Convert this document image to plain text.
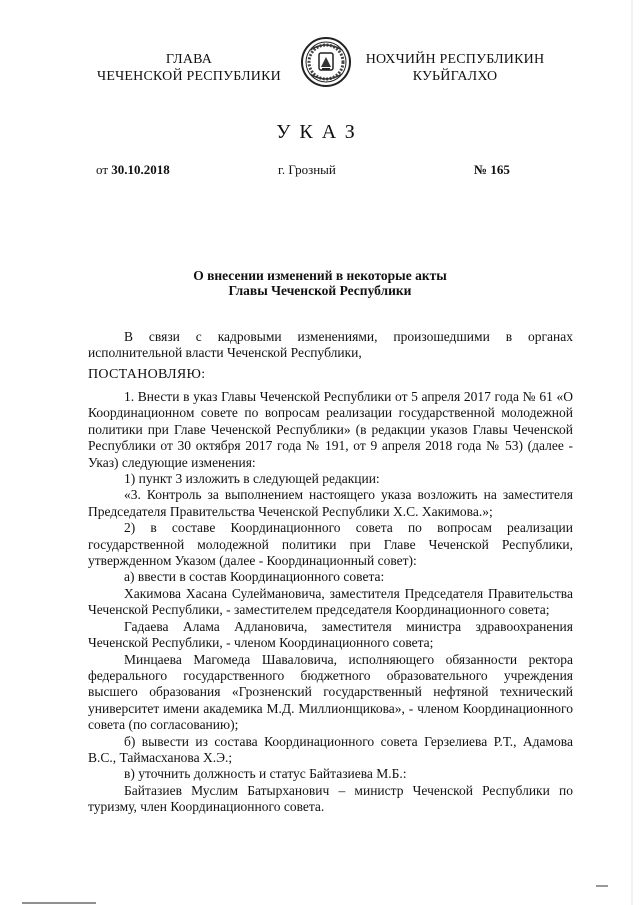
ГЛАВА
ЧЕЧЕНСКОЙ РЕСПУБЛИКИ
НОХЧИЙН РЕСПУБЛИКИН
КУЬЙГАЛХО
УКАЗ
от 30.10.2018	г. Грозный	№ 165
О внесении изменений в некоторые акты
Главы Чеченской Республики
В связи с кадровыми изменениями, произошедшими в органах исполнительной власти Чеченской Республики,
ПОСТАНОВЛЯЮ:

1. Внести в указ Главы Чеченской Республики от 5 апреля 2017 года № 61 «О Координационном совете по вопросам реализации государственной молодежной политики при Главе Чеченской Республики» (в редакции указов Главы Чеченской Республики от 30 октября 2017 года № 191, от 9 апреля 2018 года № 53) (далее - Указ) следующие изменения:

1) пункт 3 изложить в следующей редакции:

«3. Контроль за выполнением настоящего указа возложить на заместителя Председателя Правительства Чеченской Республики Х.С. Хакимова.»;

2) в составе Координационного совета по вопросам реализации государственной молодежной политики при Главе Чеченской Республики, утвержденном Указом (далее - Координационный совет):

а) ввести в состав Координационного совета:

Хакимова Хасана Сулеймановича, заместителя Председателя Правительства Чеченской Республики, - заместителем председателя Координационного совета;

Гадаева Алама Адлановича, заместителя министра здравоохранения Чеченской Республики, - членом Координационного совета;

Минцаева Магомеда Шаваловича, исполняющего обязанности ректора федерального государственного бюджетного образовательного учреждения высшего образования «Грозненский государственный нефтяной технический университет имени академика М.Д. Миллионщикова», - членом Координационного совета (по согласованию);

б) вывести из состава Координационного совета Герзелиева Р.Т., Адамова В.С., Таймасханова Х.Э.;

в) уточнить должность и статус Байтазиева М.Б.:

Байтазиев Муслим Батырханович – министр Чеченской Республики по туризму, член Координационного совета.
